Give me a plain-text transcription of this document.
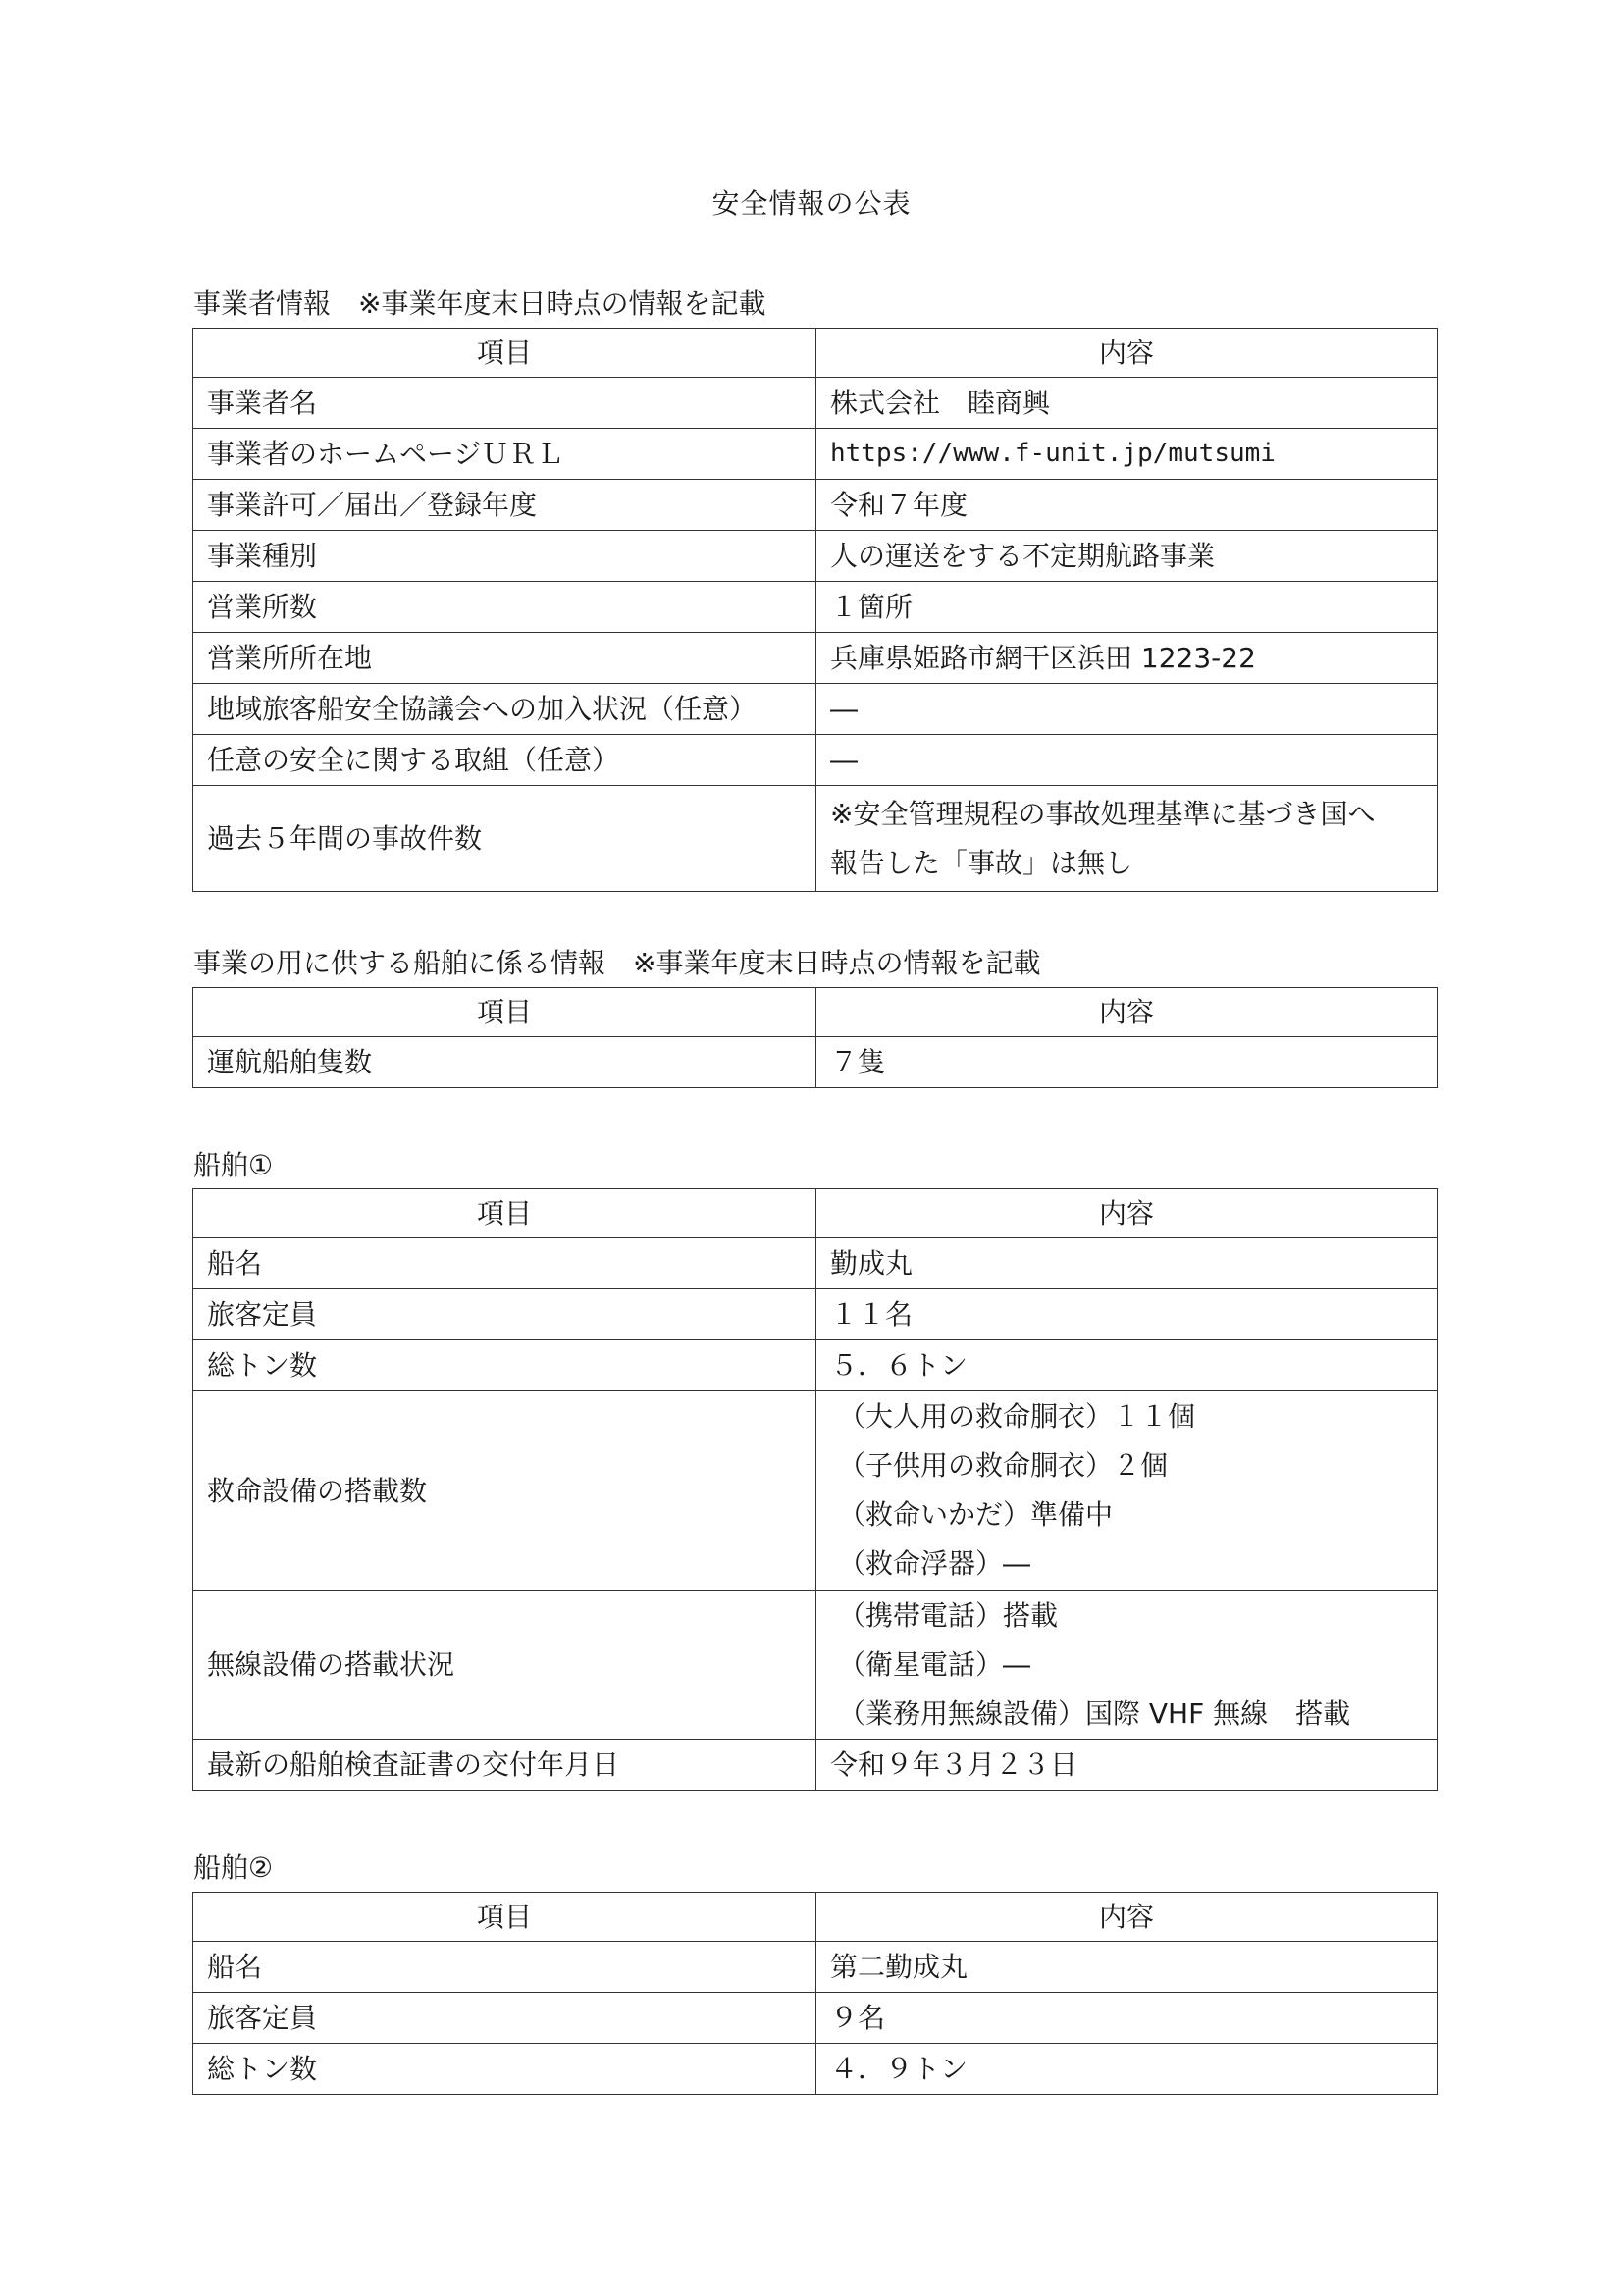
安全情報の公表
事業者情報　※事業年度末日時点の情報を記載
項目	内容
事業者名	株式会社　睦商興
事業者のホームページＵＲＬ	https://www.f-unit.jp/mutsumi
事業許可／届出／登録年度	令和７年度
事業種別	人の運送をする不定期航路事業
営業所数	１箇所
営業所所在地	兵庫県姫路市網干区浜田 1223-22
地域旅客船安全協議会への加入状況（任意）	―
任意の安全に関する取組（任意）	―
過去５年間の事故件数	※安全管理規程の事故処理基準に基づき国へ
報告した「事故」は無し
事業の用に供する船舶に係る情報　※事業年度末日時点の情報を記載
項目	内容
運航船舶隻数	７隻
船舶①
項目	内容
船名	勤成丸
旅客定員	１１名
総トン数	５．６トン
救命設備の搭載数	（大人用の救命胴衣）１１個
（子供用の救命胴衣）２個
（救命いかだ）準備中
（救命浮器）―

無線設備の搭載状況	（携帯電話）搭載
（衛星電話）―
（業務用無線設備）国際 VHF 無線　搭載

最新の船舶検査証書の交付年月日	令和９年３月２３日
船舶②
項目	内容
船名	第二勤成丸
旅客定員	９名
総トン数	４．９トン
